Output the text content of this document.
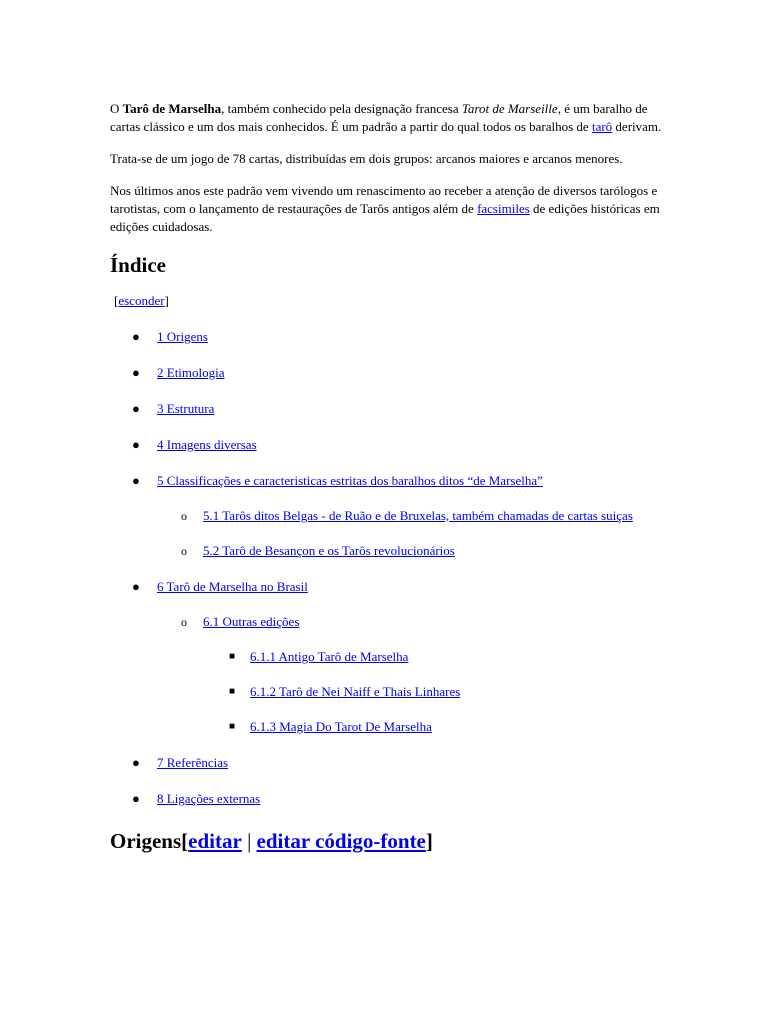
O Tarô de Marselha, também conhecido pela designação francesa Tarot de Marseille, é um baralho de cartas clássico e um dos mais conhecidos. É um padrão a partir do qual todos os baralhos de tarô derivam.

Trata-se de um jogo de 78 cartas, distribuídas em dois grupos: arcanos maiores e arcanos menores.

Nos últimos anos este padrão vem vivendo um renascimento ao receber a atenção de diversos tarólogos e tarotistas, com o lançamento de restaurações de Tarôs antigos além de facsimiles de edições históricas em edições cuidadosas.

Índice
[esconder]
● 1 Origens
● 2 Etimologia
● 3 Estrutura
● 4 Imagens diversas
● 5 Classificações e caracteristicas estritas dos baralhos ditos “de Marselha”
o 5.1 Tarôs ditos Belgas - de Ruão e de Bruxelas, também chamadas de cartas suiças
o 5.2 Tarô de Besançon e os Tarôs revolucionários
● 6 Tarô de Marselha no Brasil
o 6.1 Outras edições
■ 6.1.1 Antigo Tarô de Marselha
■ 6.1.2 Tarô de Nei Naiff e Thais Linhares
■ 6.1.3 Magia Do Tarot De Marselha
● 7 Referências
● 8 Ligações externas
Origens[editar | editar código-fonte]
